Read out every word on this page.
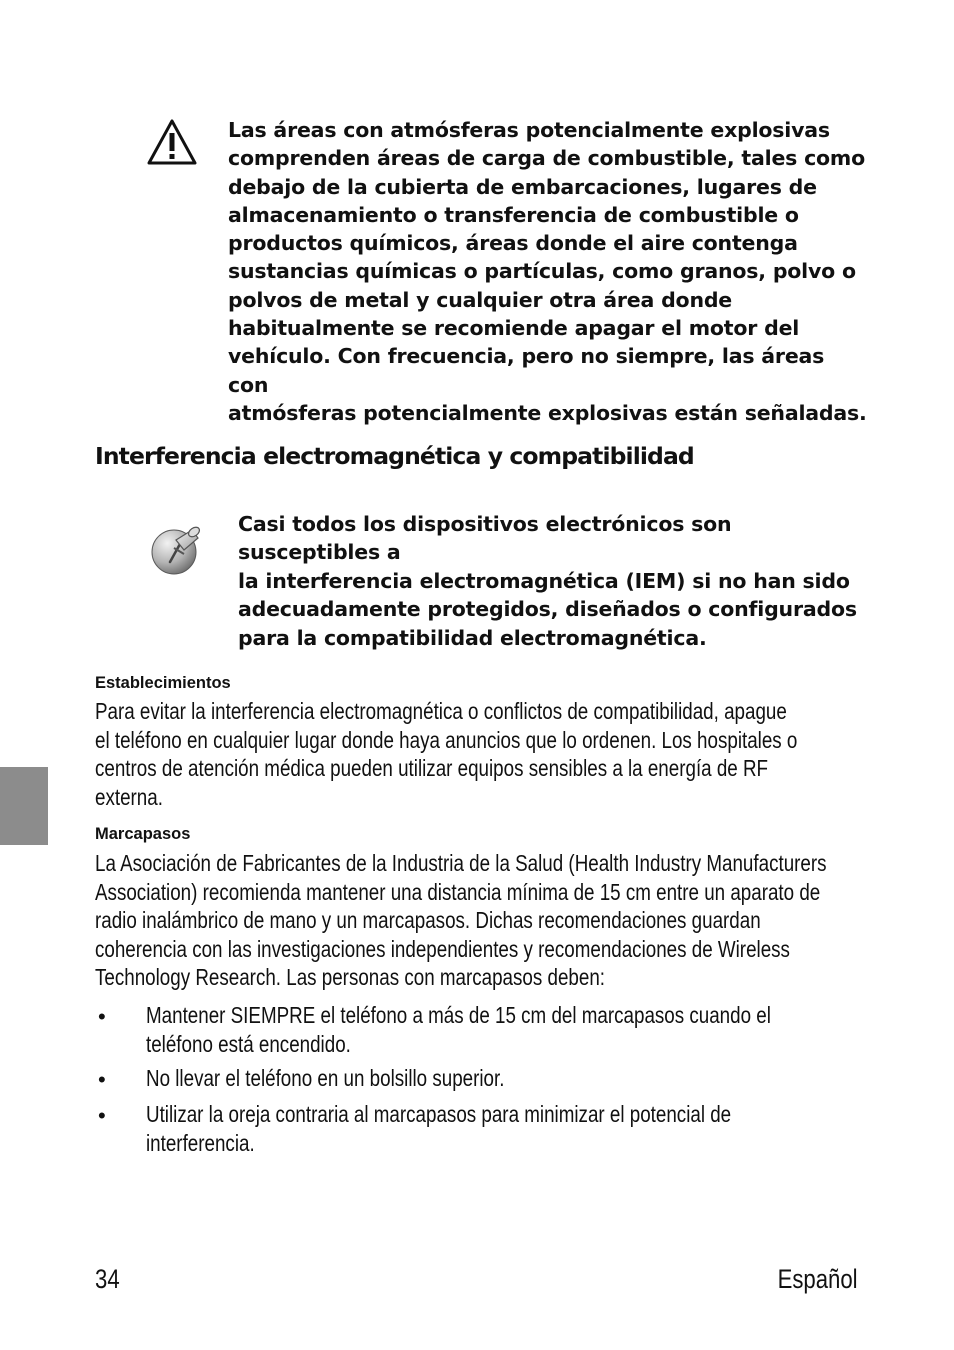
Las áreas con atmósferas potencialmente explosivas
comprenden áreas de carga de combustible, tales como
debajo de la cubierta de embarcaciones, lugares de
almacenamiento o transferencia de combustible o
productos químicos, áreas donde el aire contenga
sustancias químicas o partículas, como granos, polvo o
polvos de metal y cualquier otra área donde
habitualmente se recomiende apagar el motor del
vehículo. Con frecuencia, pero no siempre, las áreas con
atmósferas potencialmente explosivas están señaladas.
Interferencia electromagnética y compatibilidad
Casi todos los dispositivos electrónicos son susceptibles a
la interferencia electromagnética (IEM) si no han sido
adecuadamente protegidos, diseñados o configurados
para la compatibilidad electromagnética.
Establecimientos
Para evitar la interferencia electromagnética o conflictos de compatibilidad, apague
el teléfono en cualquier lugar donde haya anuncios que lo ordenen. Los hospitales o
centros de atención médica pueden utilizar equipos sensibles a la energía de RF
externa.
Marcapasos
La Asociación de Fabricantes de la Industria de la Salud (Health Industry Manufacturers
Association) recomienda mantener una distancia mínima de 15 cm entre un aparato de
radio inalámbrico de mano y un marcapasos. Dichas recomendaciones guardan
coherencia con las investigaciones independientes y recomendaciones de Wireless
Technology Research. Las personas con marcapasos deben:
• Mantener SIEMPRE el teléfono a más de 15 cm del marcapasos cuando el
teléfono está encendido.
• No llevar el teléfono en un bolsillo superior.
• Utilizar la oreja contraria al marcapasos para minimizar el potencial de
interferencia.
34	Español
